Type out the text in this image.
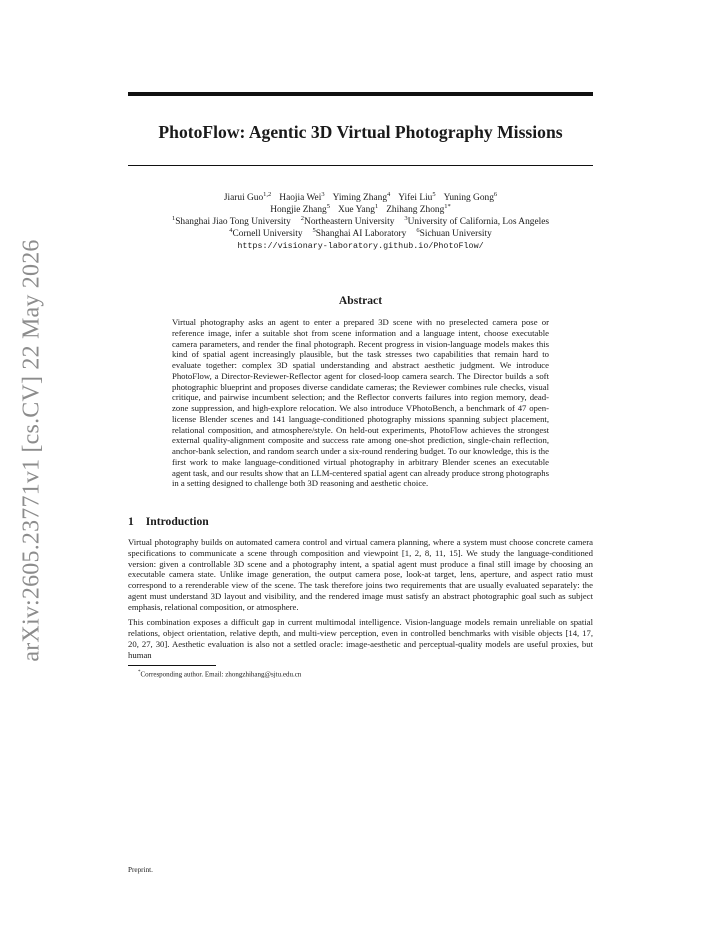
arXiv:2605.23771v1 [cs.CV] 22 May 2026
PhotoFlow: Agentic 3D Virtual Photography Missions
Jiarui Guo$^{1,2}$ Haojia Wei$^3$ Yiming Zhang$^4$ Yifei Liu$^5$ Yuning Gong$^6$
Hongjie Zhang$^5$ Xue Yang$^1$ Zhihang Zhong$^{1*}$
$^1$Shanghai Jiao Tong University $^2$Northeastern University $^3$University of California, Los Angeles
$^4$Cornell University $^5$Shanghai AI Laboratory $^6$Sichuan University
https://visionary-laboratory.github.io/PhotoFlow/
Abstract
Virtual photography asks an agent to enter a prepared 3D scene with no preselected camera pose or reference image, infer a suitable shot from scene information and a language intent, choose executable camera parameters, and render the final photograph. Recent progress in vision-language models makes this kind of spatial agent increasingly plausible, but the task stresses two capabilities that remain hard to evaluate together: complex 3D spatial understanding and abstract aesthetic judgment. We introduce PhotoFlow, a Director-Reviewer-Reflector agent for closed-loop camera search. The Director builds a soft photographic blueprint and proposes diverse candidate cameras; the Reviewer combines rule checks, visual critique, and pairwise incumbent selection; and the Reflector converts failures into region memory, dead-zone suppression, and high-explore relocation. We also introduce VPhotoBench, a benchmark of 47 open-license Blender scenes and 141 language-conditioned photography missions spanning subject placement, relational composition, and atmosphere/style. On held-out experiments, PhotoFlow achieves the strongest external quality-alignment composite and success rate among one-shot prediction, single-chain reflection, anchor-bank selection, and random search under a six-round rendering budget. To our knowledge, this is the first work to make language-conditioned virtual photography in arbitrary Blender scenes an executable agent task, and our results show that an LLM-centered spatial agent can already produce strong photographs in a setting designed to challenge both 3D reasoning and aesthetic choice.
1 Introduction

Virtual photography builds on automated camera control and virtual camera planning, where a system must choose concrete camera specifications to communicate a scene through composition and viewpoint [1, 2, 8, 11, 15]. We study the language-conditioned version: given a controllable 3D scene and a photography intent, a spatial agent must produce a final still image by choosing an executable camera state. Unlike image generation, the output camera pose, look-at target, lens, aperture, and aspect ratio must correspond to a rerenderable view of the scene. The task therefore joins two requirements that are usually evaluated separately: the agent must understand 3D layout and visibility, and the rendered image must satisfy an abstract photographic goal such as subject emphasis, relational composition, or atmosphere.

This combination exposes a difficult gap in current multimodal intelligence. Vision-language models remain unreliable on spatial relations, object orientation, relative depth, and multi-view perception, even in controlled benchmarks with visible objects [14, 17, 20, 27, 30]. Aesthetic evaluation is also not a settled oracle: image-aesthetic and perceptual-quality models are useful proxies, but human

*Corresponding author. Email: zhongzhihang@sjtu.edu.cn
Preprint.
